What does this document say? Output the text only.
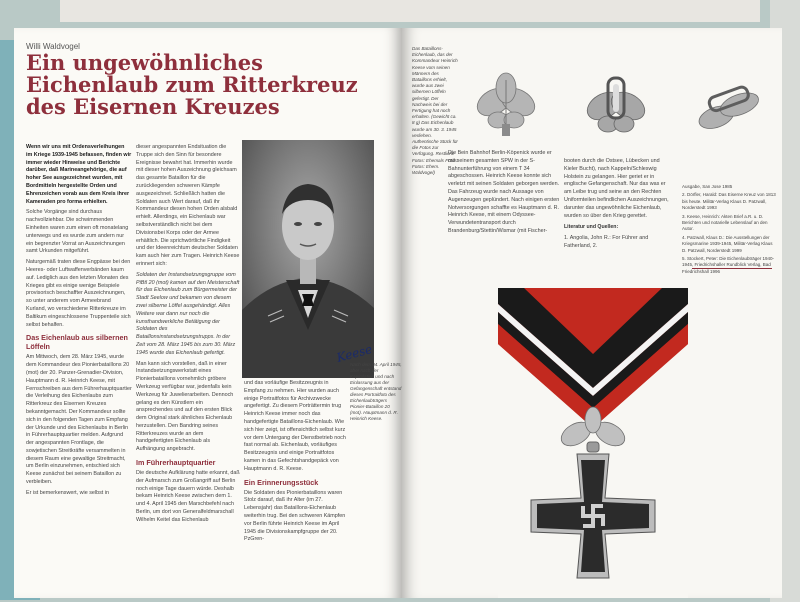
Willi Waldvogel
Ein ungewöhnliches Eichenlaub zum Ritterkreuz des Eisernen Kreuzes

Wenn wir uns mit Ordensverleihungen im Kriege 1939-1945 befassen, finden wir immer wieder Hinweise und Berichte darüber, daß Marineangehörige, die auf hoher See ausgezeichnet wurden, mit Bordmitteln hergestellte Orden und Ehrenzeichen vorab aus dem Kreis ihrer Kameraden pro forma erhielten.

Solche Vorgänge sind durchaus nachvollziehbar. Die schwimmenden Einheiten waren zum einen oft monatelang unterwegs und es wurde zum andern nur ein begrenzter Vorrat an Auszeichnungen samt Urkunden mitgeführt.

Naturgemäß traten diese Engpässe bei den Heeres- oder Luftwaffenverbänden kaum auf. Lediglich aus den letzten Monaten des Krieges gibt es einige wenige Beispiele provisorisch beschaffter Auszeichnungen, so unter anderem vom Armeebrand Kurland, wo verschiedene Ritterkreuze im Baltikum eingeschlossene Truppenteile sich selbst behalfen.

Das Eichenlaub aus silbernen Löffeln

Am Mittwoch, dem 28. März 1945, wurde dem Kommandeur des Pionierbataillons 20 (mot) der 20. Panzer-Grenadier-Division, Hauptmann d. R. Heinrich Keese, mit Fernschreiben aus dem Führerhauptquartier die Verleihung des Eichenlaubs zum Ritterkreuz des Eisernen Kreuzes bekanntgemacht. Der Kommandeur sollte sich in den folgenden Tagen zum Empfang der Urkunde und des Eichenlaubs in Berlin in Führerhauptquartier melden. Aufgrund der angespannten Frontlage, die sowjetischen Streitkräfte versammelten in diesem Raum eine gewaltige Streitmacht, um Berlin einzunehmen, entschied sich Keese zunächst bei seinem Bataillon zu verbleiben.

Er ist bemerkenswert, wie selbst in

dieser angespannten Endsituation die Truppe sich den Sinn für besondere Ereignisse bewahrt hat. Immerhin wurde mit dieser hohen Auszeichnung gleichsam das gesamte Bataillon für die zurückliegenden schweren Kämpfe ausgezeichnet. Schließlich hatten die Soldaten auch Wert darauf, daß ihr Kommandeur diesen hohen Orden alsbald erhielt. Allerdings, ein Eichenlaub war selbstverständlich nicht bei dem Divisionsbei Korps oder der Armee erhältlich. Die sprichwörtliche Findigkeit und der Ideenreichtum deutscher Soldaten kam auch hier zum Tragen. Heinrich Keese erinnert sich:

Soldaten der Instandsetzungsgruppe vom PiBtl 20 (mot) kamen auf den Meisterschaft für das Eichenlaub zum Bürgermeister der Stadt Seelow und bekamen von diesem zwei silberne Löffel ausgehändigt. Alles Weitere war dann nur noch die kunsthandwerkliche Betätigung der Soldaten des Bataillonsinstandsetzungstrupps. In der Zeit vom 28. März 1945 bis zum 30. März 1945 wurde das Eichenlaub gefertigt.

Man kann sich vorstellen, daß in einer Instandsetzungswerkstatt eines Pionierbataillons vornehmlich gröbere Werkzeug verfügbar war, jedenfalls kein Werkzeug für Juwelierarbeiten. Dennoch gelang es den Künstlern ein ansprechendes und auf den ersten Blick dem Original stark ähnliches Eichenlaub herzustellen. Den Bandring seines Ritterkreuzes wurde an dem handgefertigten Eichenlaub als Aufhängung angebracht.

Im Führerhauptquartier

Die deutsche Aufklärung hatte erkannt, daß der Aufmarsch zum Großangriff auf Berlin noch einige Tage dauern würde. Deshalb bekam Heinrich Keese zwischen dem 1. und 4. April 1945 den Marschbefehl nach Berlin, um dort von Generalfeldmarschall Wilhelm Keitel das Eichenlaub

Keese
Nach dem 04. April 1945, aber nach der Kapitulation und nach Einlassung aus der Gefangenschaft entstand dieses Portraitfoto des Eichenlaubträgers Pionier-Bataillon 20 (mot). Hauptmann d. R. Heinrich Keese.

und das vorläufige Besitzzeugnis in Empfang zu nehmen. Hier wurden auch einige Portraitfotos für Archivzwecke angefertigt. Zu diesem Porträttermin trug Heinrich Keese immer noch das handgefertigte Bataillons-Eichenlaub. Wie sich hier zeigt, ist offensichtlich selbst kurz vor dem Untergang der Dienstbetrieb noch fast normal ab. Eichenlaub, vorläufiges Besitzzeugnis und einige Portraitfotos kamen in das Gefechtshandgepäck von Hauptmann d. R. Keese.

Ein Erinnerungsstück

Die Soldaten des Pionierbataillons waren Stolz darauf, daß ihr Alter (im 27. Lebensjahr) das Bataillons-Eichenlaub weiterhin trug. Bei den schweren Kämpfen vor Berlin führte Heinrich Keese im April 1945 die Divisionskampfgruppe der 20. PzGren-

Das Bataillons-Eichenlaub, das der Kommandeur Heinrich Keese vom seinen Männern des Bataillons erhielt, wurde aus zwei silbernen Löffeln gefertigt. Der Nachweis bei der Fertigung hat noch erhalten. (Gewicht ca. 8 g) Das Eichenlaub wurde am 30. 3. 1945 verliehen. Authentische Stück für die Fotos zur Verfügung. Restliche Fotos: Ehemals Fotos: Fotos: Ehem. Waldvogel)

Die Bein Bahnhof Berlin-Köpenick wurde er mit seinem gesamten SPW in der S-Bahnunterführung von einem T 34 abgeschossen. Heinrich Keese konnte sich verletzt mit seinen Soldaten geborgen werden. Das Fahrzeug wurde nach Aussage von Augenzeugen geplündert. Nach einigen ersten Notversorgungen schaffte es Hauptmann d. R. Heinrich Keese, mit einem Odyssee-Verwundetentransport durch Brandenburg/Stettin/Wismar (mit Fischer-

booten durch die Ostsee, Lübecken und Kieler Bucht), nach Kappeln/Schleswig Holstein zu gelangen. Hier geriet er in englische Gefangenschaft. Nur das was er am Leibe trug und seine an den Rechten Uniformteilen befindlichen Auszeichnungen, darunter das ungewöhnliche Eichenlaub, wurden so über den Krieg gerettet.

Literatur und Quellen:

1. Angolia, John R.: For Führer and Fatherland, 2.

Ausgabe, San Jose 1985

2. Dörfler, Harald: Das Eiserne Kreuz von 1813 bis heute. Militär-Verlag Klaus D. Patzwall, Norderstedt 1993

3. Keese, Heinrich: Akten Brief a.R. u. D. Berichten und notarielle Lebenslauf an den Autor.

4. Patzwall, Klaus D.: Die Ausstellungen der Kriegsmarine 1939-1945, Militär-Verlag Klaus D. Patzwall, Norderstedt 1999

5. Stockert, Peter: Die Eichenlaubträger 1940-1945, Friedrichshaller Rundblick Verlag, Bad Friedrichshall 1996
